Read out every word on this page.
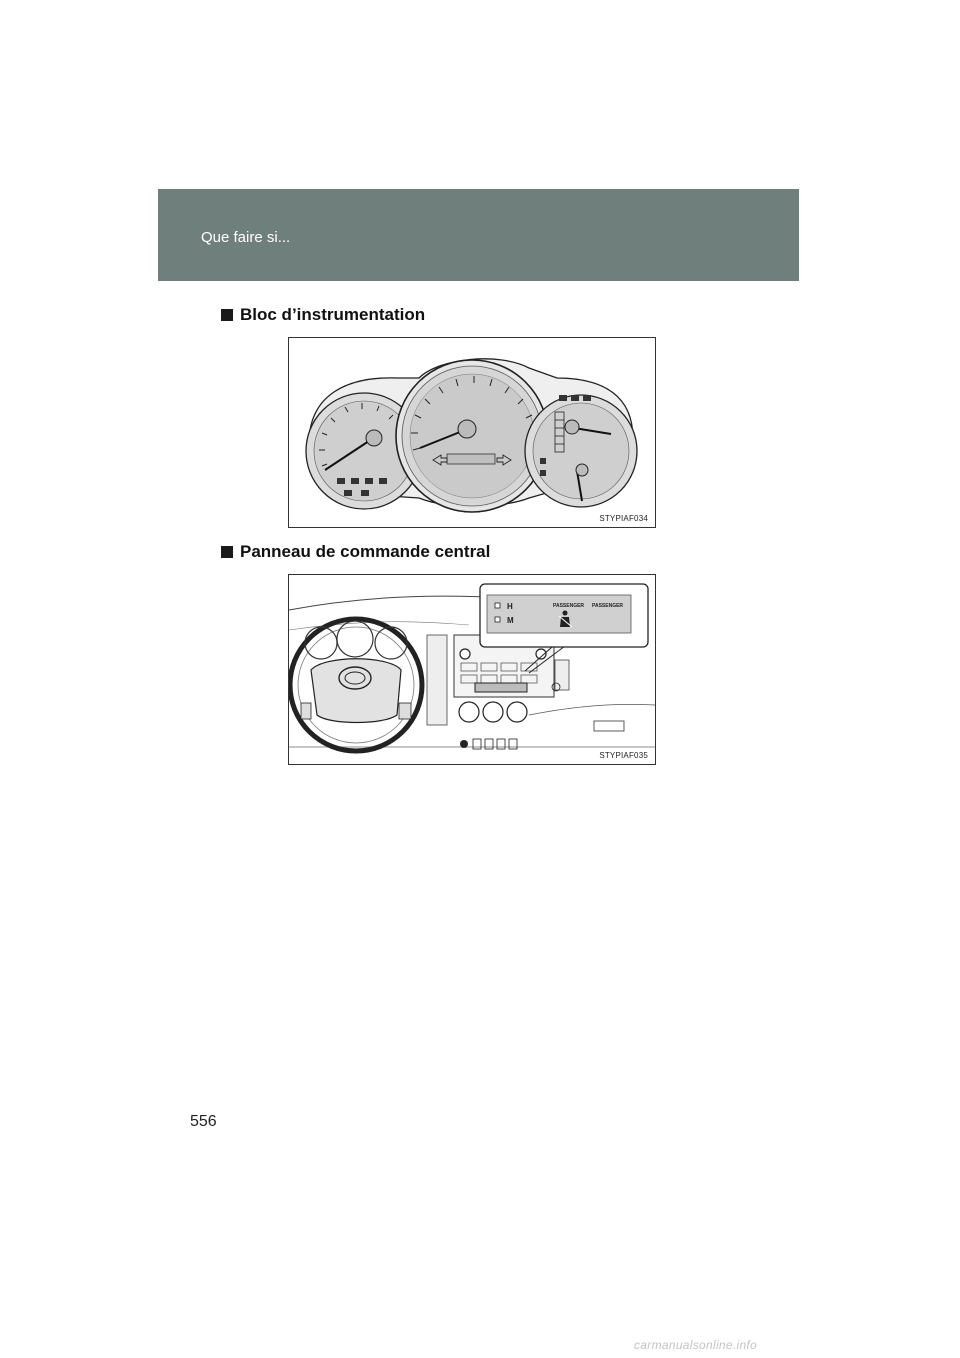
Que faire si...
Bloc d’instrumentation
STYPIAF034
Panneau de commande central
H
M
PASSENGER PASSENGER
STYPIAF035
556
carmanualsonline.info
